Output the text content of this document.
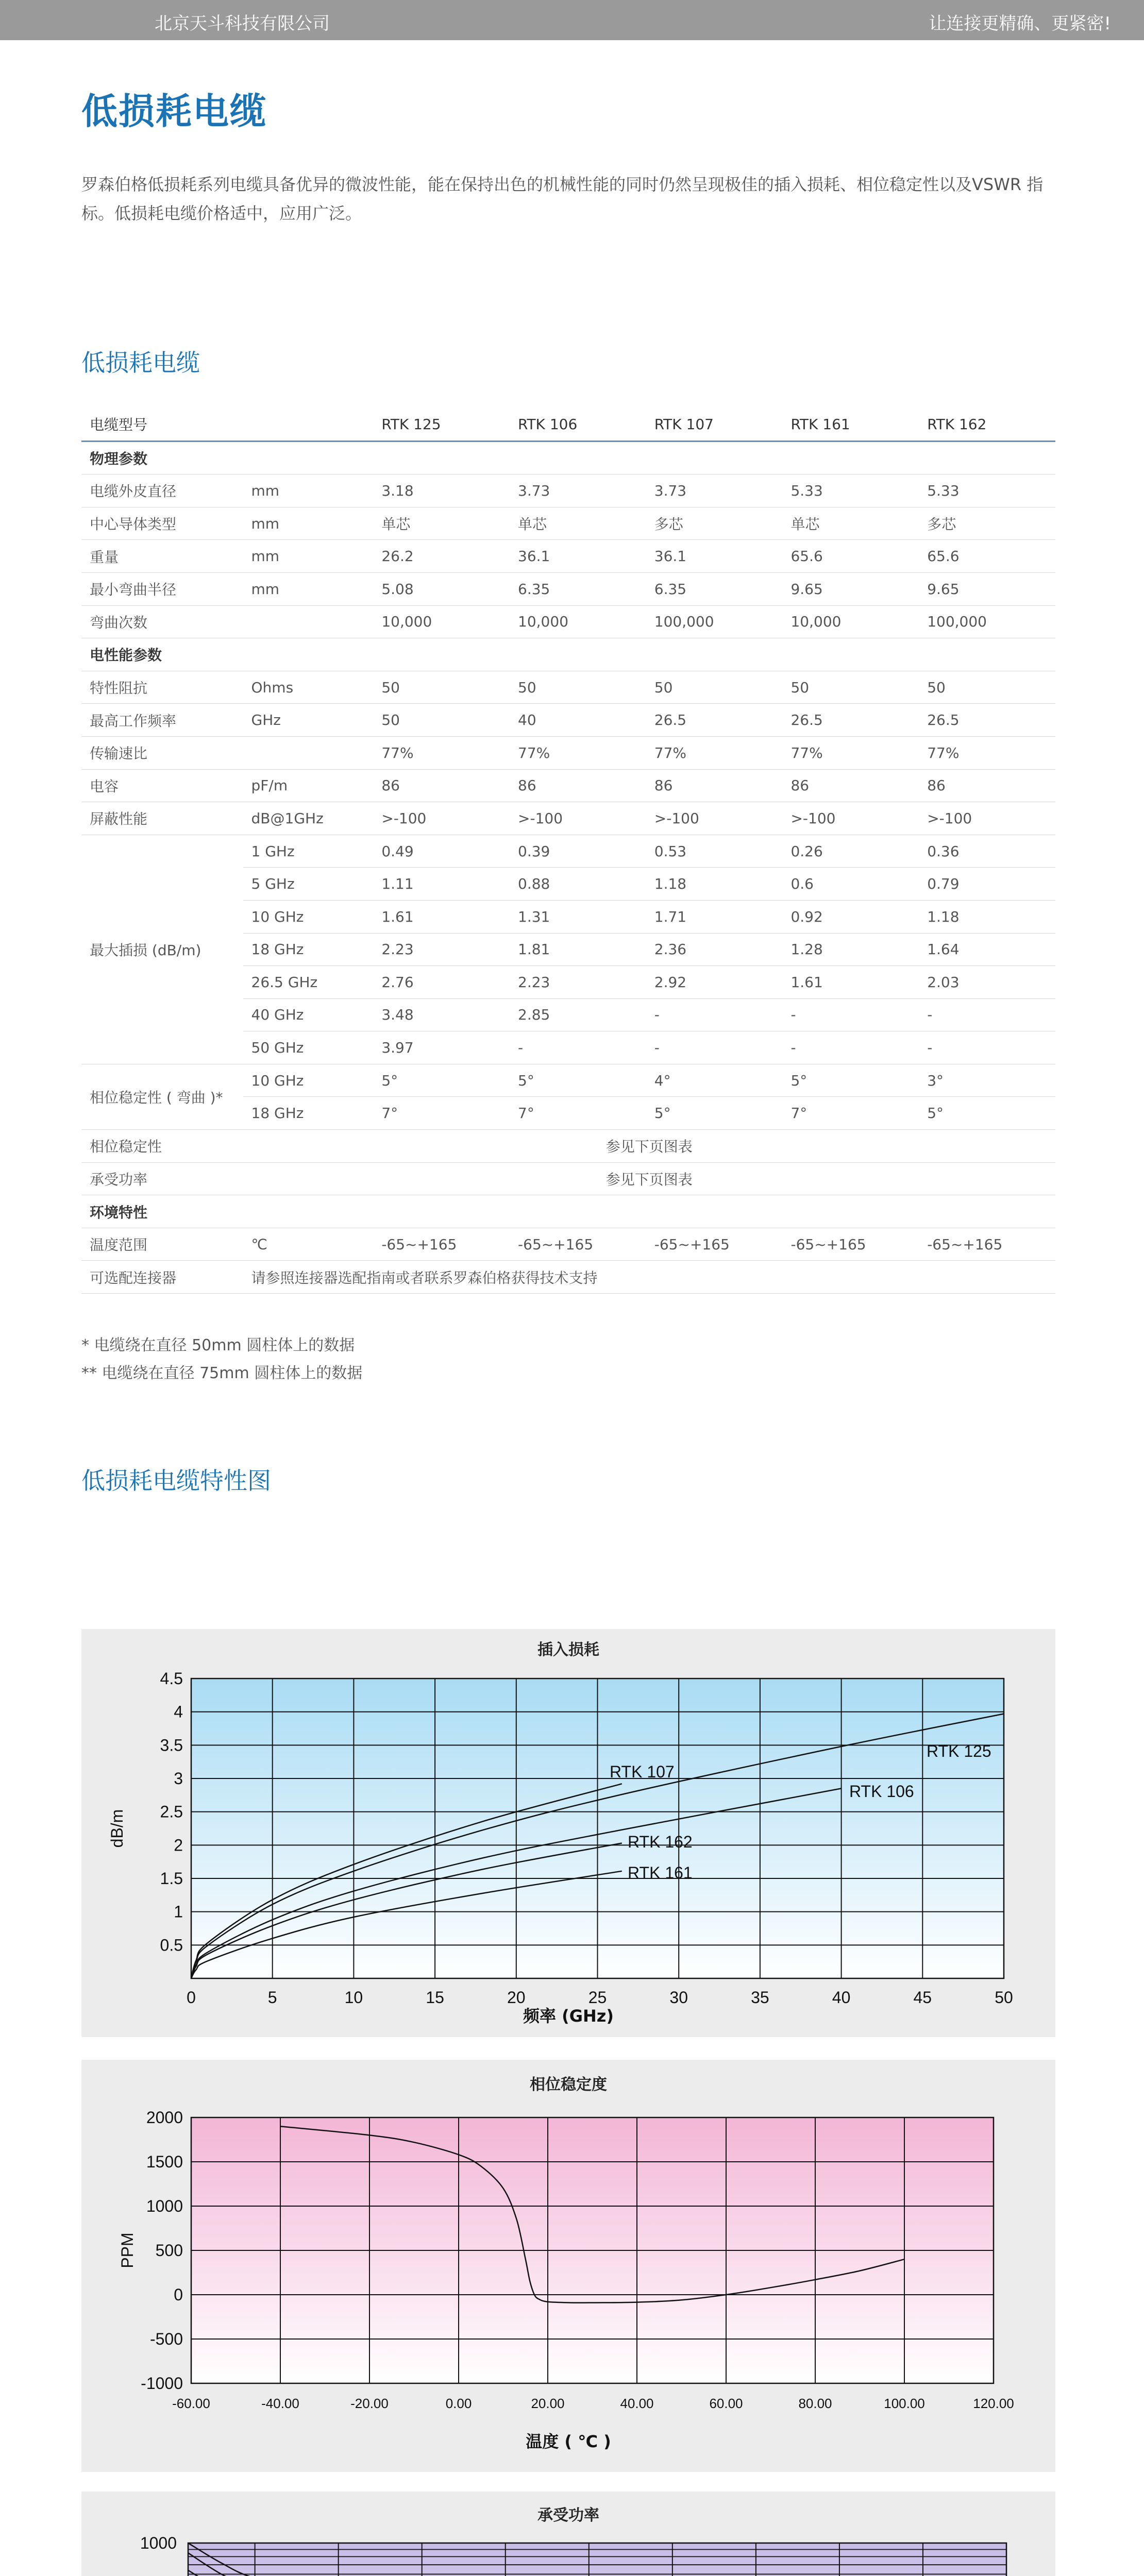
北京天斗科技有限公司	让连接更精确、更紧密!
低损耗电缆
罗森伯格低损耗系列电缆具备优异的微波性能，能在保持出色的机械性能的同时仍然呈现极佳的插入损耗、相位稳定性以及VSWR 指标。低损耗电缆价格适中，应用广泛。
低损耗电缆
电缆型号		RTK 125	RTK 106	RTK 107	RTK 161	RTK 162
物理参数						
电缆外皮直径	mm	3.18	3.73	3.73	5.33	5.33
中心导体类型	mm	单芯	单芯	多芯	单芯	多芯
重量	mm	26.2	36.1	36.1	65.6	65.6
最小弯曲半径	mm	5.08	6.35	6.35	9.65	9.65
弯曲次数		10,000	10,000	100,000	10,000	100,000
电性能参数						
特性阻抗	Ohms	50	50	50	50	50
最高工作频率	GHz	50	40	26.5	26.5	26.5
传输速比		77%	77%	77%	77%	77%
电容	pF/m	86	86	86	86	86
屏蔽性能	dB@1GHz	>-100	>-100	>-100	>-100	>-100
最大插损 (dB/m)	1 GHz	0.49	0.39	0.53	0.26	0.36
	5 GHz	1.11	0.88	1.18	0.6	0.79
	10 GHz	1.61	1.31	1.71	0.92	1.18
	18 GHz	2.23	1.81	2.36	1.28	1.64
	26.5 GHz	2.76	2.23	2.92	1.61	2.03
	40 GHz	3.48	2.85	-	-	-
	50 GHz	3.97	-	-	-	-
相位稳定性 ( 弯曲 )*	10 GHz	5°	5°	4°	5°	3°
	18 GHz	7°	7°	5°	7°	5°
相位稳定性	参见下页图表					
承受功率	参见下页图表					
环境特性						
温度范围	℃	-65~+165	-65~+165	-65~+165	-65~+165	-65~+165
可选配连接器	请参照连接器选配指南或者联系罗森伯格获得技术支持					
* 电缆绕在直径 50mm 圆柱体上的数据
** 电缆绕在直径 75mm 圆柱体上的数据
低损耗电缆特性图
0	5	10	15	20	25	30	35	40	45	50
0.5
1
1.5
2
2.5
3
3.5
4
4.5
插入损耗
频率 (GHz)
dB/m
RTK 125
RTK 106
RTK 107
RTK 162
RTK 161
-60.00	-40.00	-20.00	0.00	20.00	40.00	60.00	80.00	100.00	120.00
-1000
-500
0
500
1000
1500
2000
相位稳定度
温度 ( ℃ )
PPM
1000
承受功率
